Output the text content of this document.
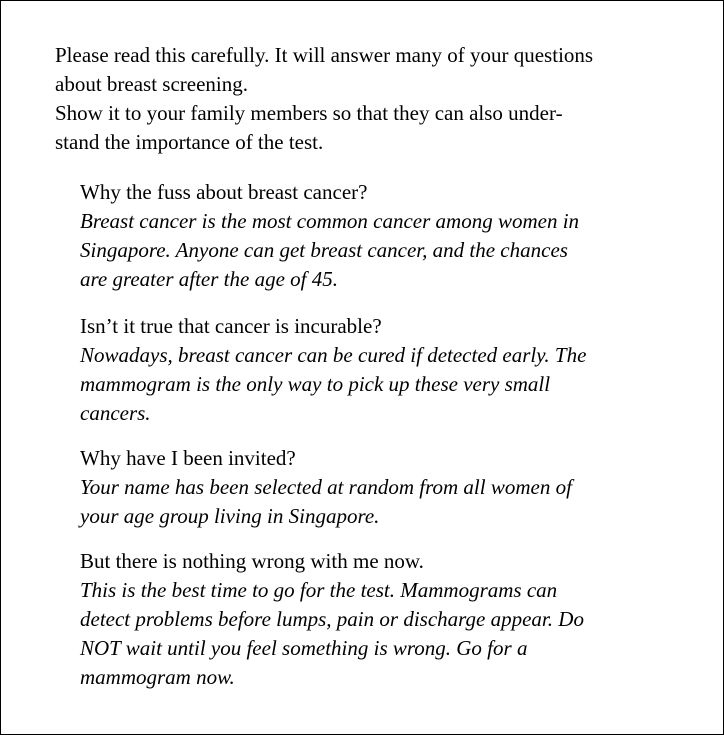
Please read this carefully. It will answer many of your questions

about breast screening.

Show it to your family members so that they can also under-

stand the importance of the test.

Why the fuss about breast cancer?

Breast cancer is the most common cancer among women in

Singapore. Anyone can get breast cancer, and the chances

are greater after the age of 45.

Isn’t it true that cancer is incurable?

Nowadays, breast cancer can be cured if detected early. The

mammogram is the only way to pick up these very small

cancers.

Why have I been invited?

Your name has been selected at random from all women of

your age group living in Singapore.

But there is nothing wrong with me now.

This is the best time to go for the test. Mammograms can

detect problems before lumps, pain or discharge appear. Do

NOT wait until you feel something is wrong. Go for a

mammogram now.
